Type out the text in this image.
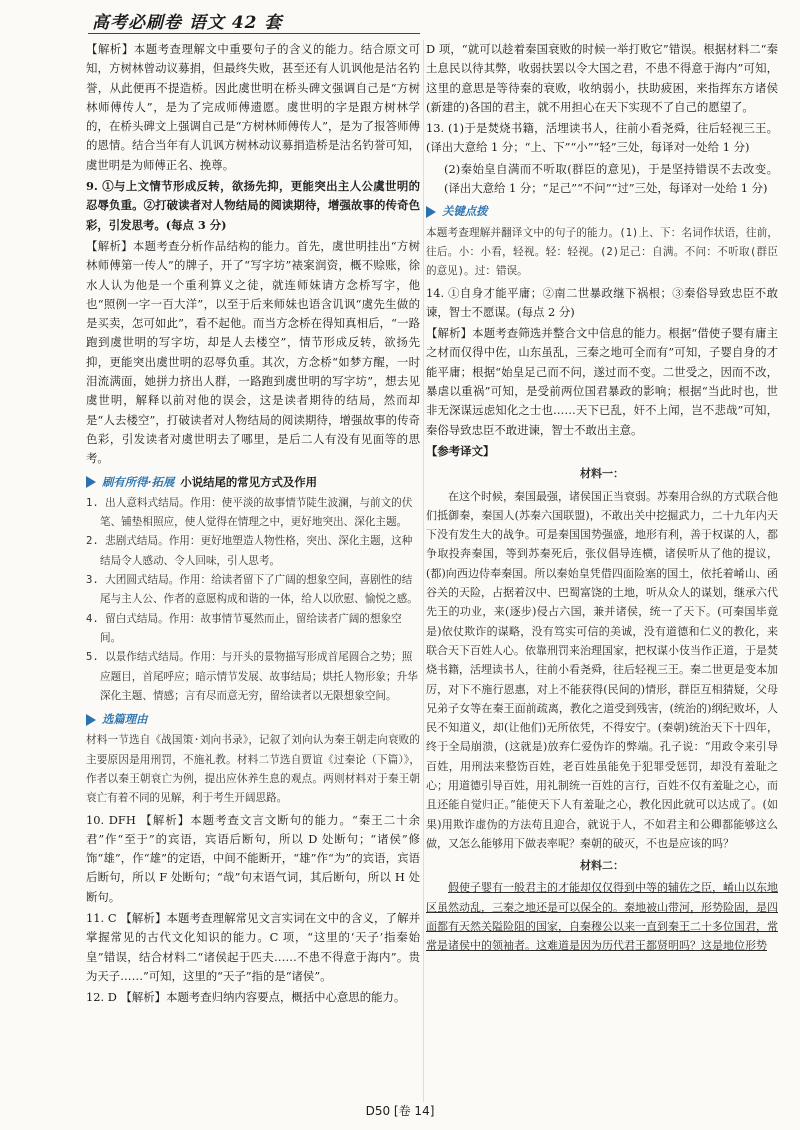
高考必刷卷 语文 42 套

【解析】本题考查理解文中重要句子的含义的能力。结合原文可知，方树林曾动议募捐，但最终失败，甚至还有人讥讽他是沽名钓誉，从此便再不提造桥。因此虞世明在桥头碑文强调自己是“方树林师傅传人”，是为了完成师傅遗愿。虞世明的字是跟方树林学的，在桥头碑文上强调自己是“方树林师傅传人”，是为了报答师傅的恩情。结合当年有人讥讽方树林动议募捐造桥是沽名钓誉可知，虞世明是为师傅正名、挽尊。

9. ①与上文情节形成反转，欲扬先抑，更能突出主人公虞世明的忍辱负重。②打破读者对人物结局的阅读期待，增强故事的传奇色彩，引发思考。(每点 3 分)

【解析】本题考查分析作品结构的能力。首先，虞世明挂出“方树林师傅第一传人”的牌子，开了“写字坊”裱案润资，概不赊账，徐水人认为他是一个重利算义之徒，就连师妹请方念桥写字，他也“照例一字一百大洋”，以至于后来师妹也语含讥讽“虞先生做的是买卖，怎可如此”，看不起他。而当方念桥在得知真相后，“一路跑到虞世明的写字坊，却是人去楼空”，情节形成反转，欲扬先抑，更能突出虞世明的忍辱负重。其次，方念桥“如梦方醒，一时泪流满面，她拼力挤出人群，一路跑到虞世明的写字坊”，想去见虞世明，解释以前对他的误会，这是读者期待的结局，然而却是“人去楼空”，打破读者对人物结局的阅读期待，增强故事的传奇色彩，引发读者对虞世明去了哪里，是后二人有没有见面等的思考。

刷有所得·拓展 小说结尾的常见方式及作用

1. 出人意料式结局。作用：使平淡的故事情节陡生波澜，与前文的伏笔、铺垫相照应，使人觉得在情理之中，更好地突出、深化主题。

2. 悲剧式结局。作用：更好地塑造人物性格，突出、深化主题，这种结局令人感动、令人回味，引人思考。

3. 大团圆式结局。作用：给读者留下了广阔的想象空间，喜剧性的结尾与主人公、作者的意愿构成和谐的一体，给人以欣慰、愉悦之感。

4. 留白式结局。作用：故事情节戛然而止，留给读者广阔的想象空间。

5. 以景作结式结局。作用：与开头的景物描写形成首尾圆合之势；照应题目，首尾呼应；暗示情节发展、故事结局；烘托人物形象；升华深化主题、情感；言有尽而意无穷，留给读者以无限想象空间。

选篇理由

材料一节选自《战国策·刘向书录》，记叙了刘向认为秦王朝走向衰败的主要原因是用刑罚，不施礼教。材料二节选自贾谊《过秦论（下篇）》，作者以秦王朝衰亡为例，提出应休养生息的观点。两则材料对于秦王朝衰亡有着不同的见解，利于考生开阔思路。

10. DFH 【解析】本题考查文言文断句的能力。“秦王二十余君”作“至于”的宾语，宾语后断句，所以 D 处断句；“诸侯”修饰“雄”，作“雄”的定语，中间不能断开，“雄”作“为”的宾语，宾语后断句，所以 F 处断句；“哉”句末语气词，其后断句，所以 H 处断句。

11. C 【解析】本题考查理解常见文言实词在文中的含义，了解并掌握常见的古代文化知识的能力。C 项，“这里的‘天子’指秦始皇”错误，结合材料二“诸侯起于匹夫……不患不得意于海内”。贵为天子……”可知，这里的“天子”指的是“诸侯”。

12. D 【解析】本题考查归纳内容要点，概括中心意思的能力。

D 项，“就可以趁着秦国衰败的时候一举打败它”错误。根据材料二“秦土息民以待其弊，收弱扶罢以令大国之君，不患不得意于海内”可知，这里的意思是等待秦的衰败，收纳弱小，扶助疲困，来指挥东方诸侯(新建的)各国的君主，就不用担心在天下实现不了自己的愿望了。

13. (1)于是焚烧书籍，活埋读书人，往前小看尧舜，往后轻视三王。(译出大意给 1 分；“上、下”“小”“轻”三处，每译对一处给 1 分)

(2)秦始皇自满而不听取(群臣的意见)，于是坚持错误不去改变。(译出大意给 1 分；“足己”“不问”“过”三处，每译对一处给 1 分)

关键点拨

本题考查理解并翻译文中的句子的能力。(1)上、下：名词作状语，往前，往后。小：小看，轻视。轻：轻视。(2)足己：自满。不问：不听取(群臣的意见)。过：错误。

14. ①自身才能平庸；②南二世暴政继下祸根；③秦俗导致忠臣不敢谏，智士不愿谋。(每点 2 分)

【解析】本题考查筛选并整合文中信息的能力。根据“借使子婴有庸主之材而仅得中佐，山东虽乱，三秦之地可全而有”可知，子婴自身的才能平庸；根据“始皇足己而不问，遂过而不变。二世受之，因而不改，暴虐以重祸”可知，是受前两位国君暴政的影响；根据“当此时也，世非无深谋远虑知化之士也……天下已乱，奸不上闻，岂不悲哉”可知，秦俗导致忠臣不敢进谏，智士不敢出主意。

【参考译文】

材料一：

在这个时候，秦国最强，诸侯国正当衰弱。苏秦用合纵的方式联合他们抵御秦，秦国人(苏秦六国联盟)，不敢出关中挖掘武力，二十九年内天下没有发生大的战争。可是秦国国势强盛，地形有利，善于权谋的人，都争取投奔秦国，等到苏秦死后，张仪倡导连横，诸侯听从了他的提议，(都)向西边侍奉秦国。所以秦始皇凭借四面险塞的国土，依托着崤山、函谷关的天险，占据着汉中、巴蜀富饶的土地，听从众人的谋划，继承六代先王的功业，来(逐步)侵占六国，兼并诸侯，统一了天下。(可秦国毕竟是)依仗欺诈的谋略，没有笃实可信的美诚，没有道德和仁义的教化，来联合天下百姓人心。依靠刑罚来治理国家，把权谋小伎当作正道，于是焚烧书籍，活埋读书人，往前小看尧舜，往后轻视三王。秦二世更是变本加厉，对下不施行恩惠，对上不能获得(民间的)情形，群臣互相猜疑，父母兄弟子女等在秦王面前疏离，教化之道受到残害，(统治的)纲纪败坏，人民不知道义，却(让他们)无所依凭，不得安宁。(秦朝)统治天下十四年，终于全局崩溃，(这就是)放弃仁爱伪诈的弊端。孔子说：“用政令来引导百姓，用刑法来整饬百姓，老百姓虽能免于犯罪受惩罚，却没有羞耻之心；用道德引导百姓，用礼制统一百姓的言行，百姓不仅有羞耻之心，而且还能自觉归正。”能使天下人有羞耻之心，教化因此就可以达成了。(如果)用欺诈虚伪的方法苟且迎合，就说于人，不如君主和公卿都能够这么做，又怎么能够用下做表率呢？秦朝的破灭，不也是应该的吗？

材料二：

假使子婴有一般君主的才能却仅仅得到中等的辅佐之臣，崤山以东地区虽然动乱，三秦之地还是可以保全的。秦地被山带河，形势险固，是四面都有天然关隘险阻的国家，自秦穆公以来一直到秦王二十多位国君，常常是诸侯中的领袖者。这难道是因为历代君王都贤明吗？这是地位形势

D50 [卷 14]
